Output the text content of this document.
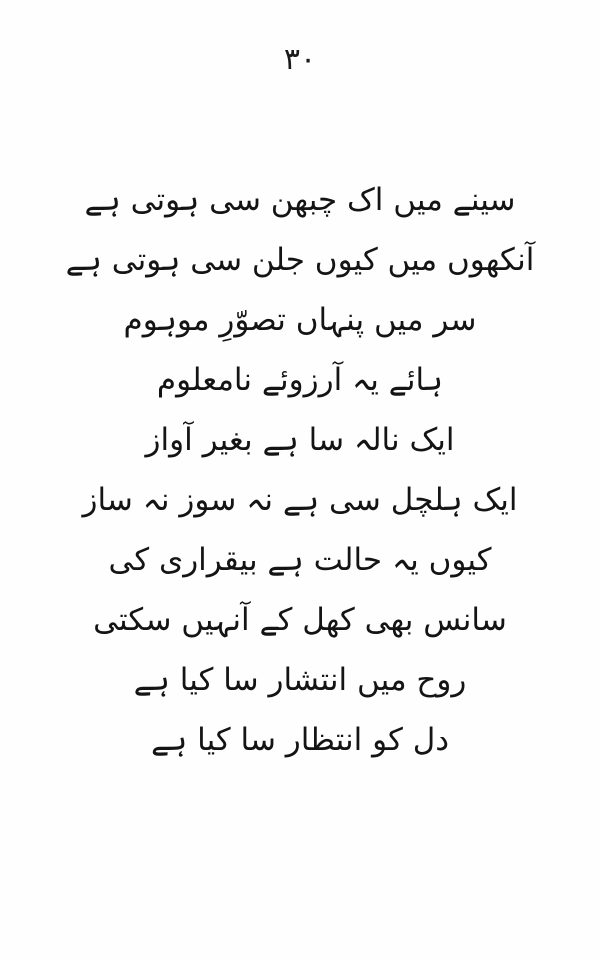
۳۰
سینے میں اک چبھن سی ہوتی ہے
آنکھوں میں کیوں جلن سی ہوتی ہے
سر میں پنہاں تصوّرِ موہوم
ہائے یہ آرزوئے نامعلوم
ایک نالہ سا ہے بغیر آواز
ایک ہلچل سی ہے نہ سوز نہ ساز
کیوں یہ حالت ہے بیقراری کی
سانس بھی کھل کے آنہیں سکتی
روح میں انتشار سا کیا ہے
دل کو انتظار سا کیا ہے
